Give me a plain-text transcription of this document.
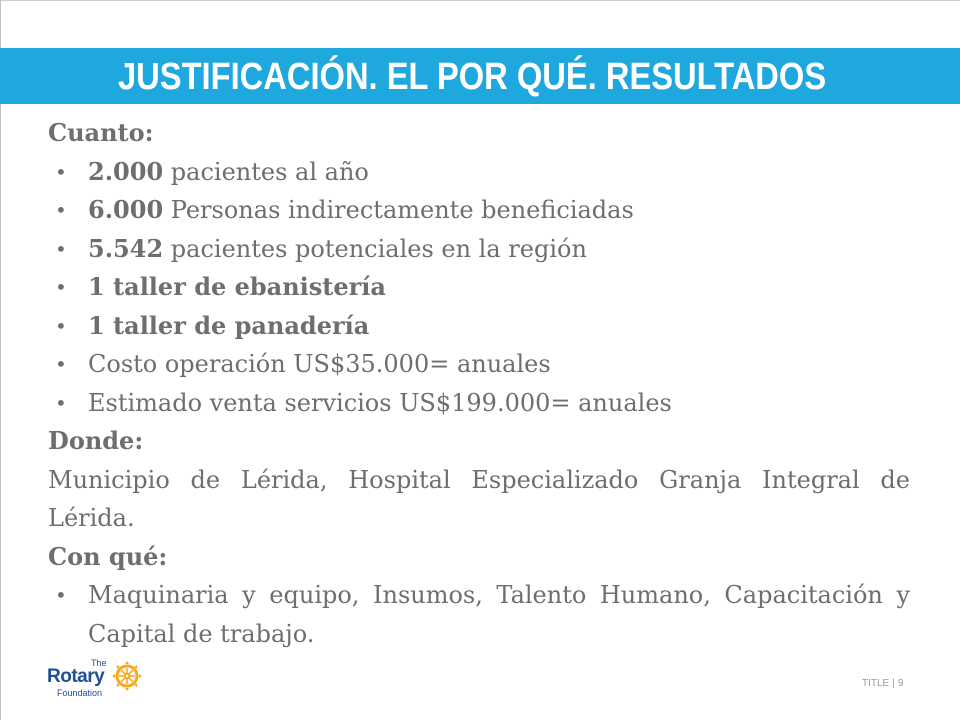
JUSTIFICACIÓN. EL POR QUÉ. RESULTADOS
Cuanto:
• 2.000 pacientes al año
• 6.000 Personas indirectamente beneficiadas
• 5.542 pacientes potenciales en la región
• 1 taller de ebanistería
• 1 taller de panadería
• Costo operación US$35.000= anuales
• Estimado venta servicios US$199.000= anuales
Donde:
Municipio de Lérida, Hospital Especializado Granja Integral de Lérida.
Con qué:
• Maquinaria y equipo, Insumos, Talento Humano, Capacitación y Capital de trabajo.
The
Rotary
Foundation
TITLE | 9
